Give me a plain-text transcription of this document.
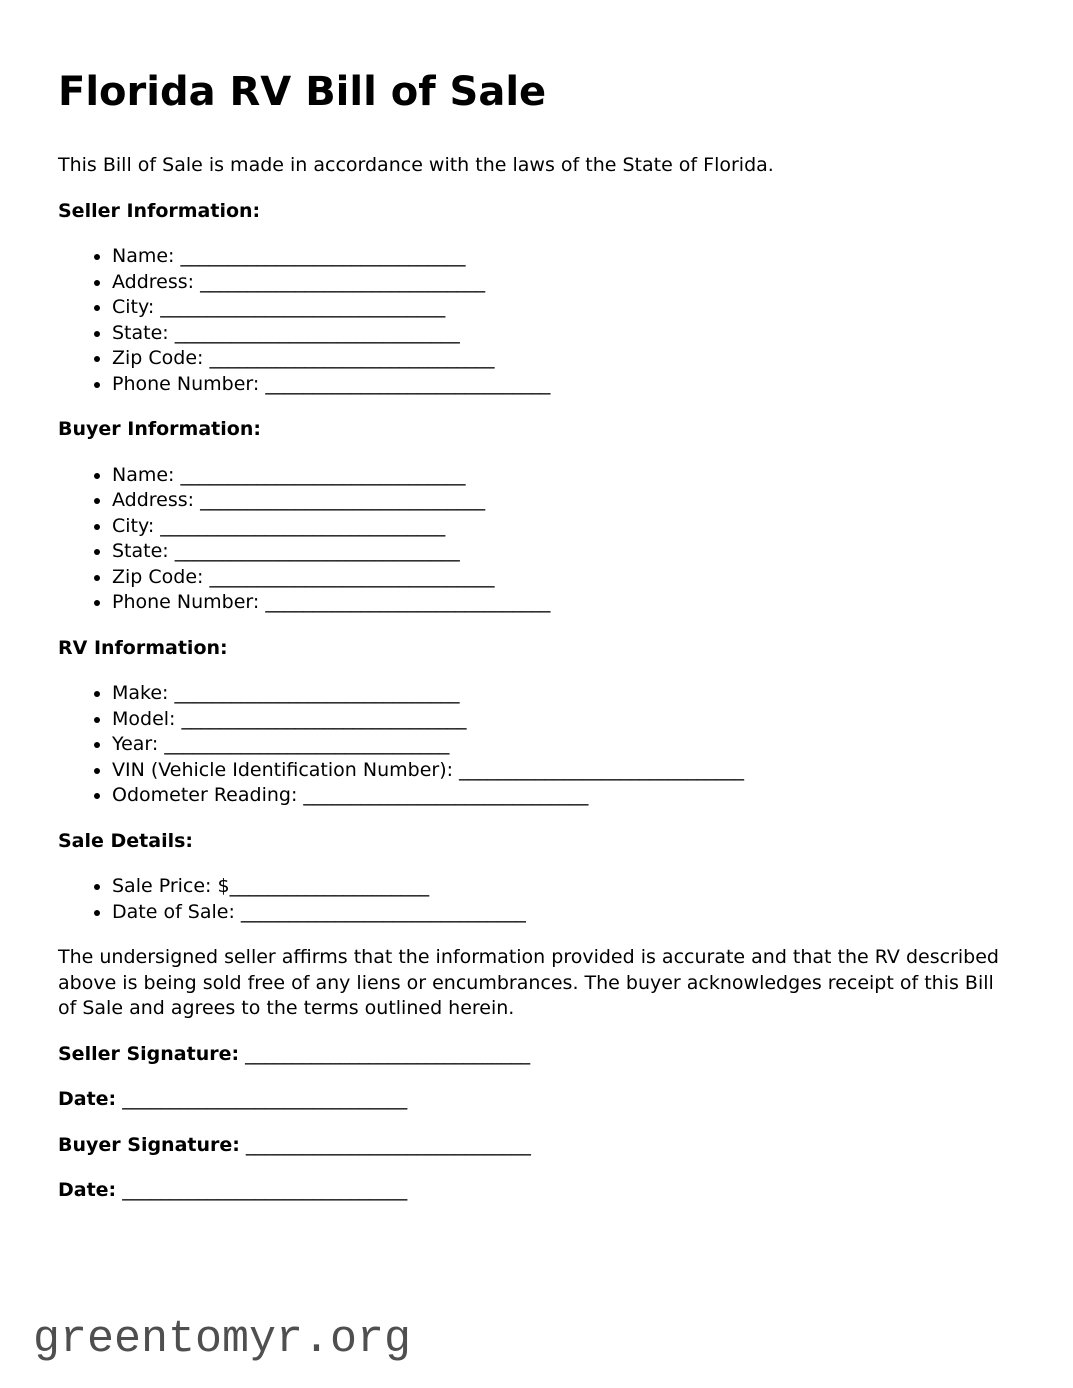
Florida RV Bill of Sale

This Bill of Sale is made in accordance with the laws of the State of Florida.

Seller Information:

• Name: ______________________________
• Address: ______________________________
• City: ______________________________
• State: ______________________________
• Zip Code: ______________________________
• Phone Number: ______________________________

Buyer Information:

• Name: ______________________________
• Address: ______________________________
• City: ______________________________
• State: ______________________________
• Zip Code: ______________________________
• Phone Number: ______________________________

RV Information:

• Make: ______________________________
• Model: ______________________________
• Year: ______________________________
• VIN (Vehicle Identification Number): ______________________________
• Odometer Reading: ______________________________

Sale Details:

• Sale Price: $_____________________
• Date of Sale: ______________________________

The undersigned seller affirms that the information provided is accurate and that the RV described above is being sold free of any liens or encumbrances. The buyer acknowledges receipt of this Bill of Sale and agrees to the terms outlined herein.

Seller Signature: ______________________________

Date: ______________________________

Buyer Signature: ______________________________

Date: ______________________________

greentomyr.org
